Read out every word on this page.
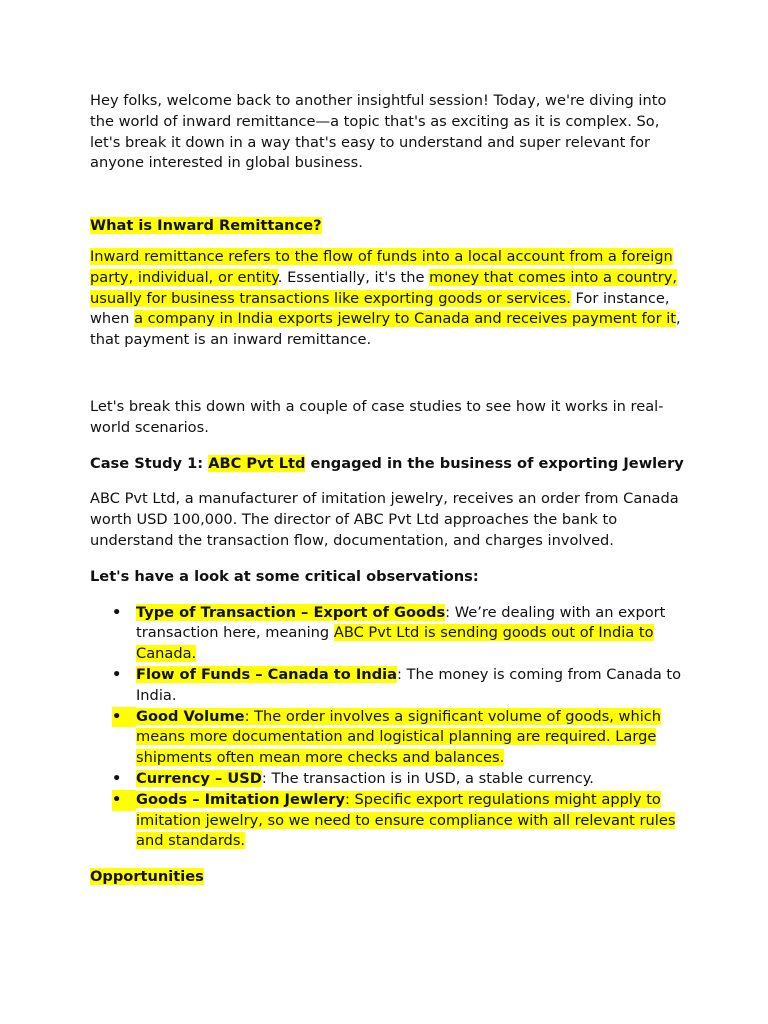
Hey folks, welcome back to another insightful session! Today, we're diving into the world of inward remittance—a topic that's as exciting as it is complex. So, let's break it down in a way that's easy to understand and super relevant for anyone interested in global business.

What is Inward Remittance?

Inward remittance refers to the flow of funds into a local account from a foreign party, individual, or entity. Essentially, it's the money that comes into a country, usually for business transactions like exporting goods or services. For instance, when a company in India exports jewelry to Canada and receives payment for it, that payment is an inward remittance.

Let's break this down with a couple of case studies to see how it works in real-world scenarios.

Case Study 1: ABC Pvt Ltd engaged in the business of exporting Jewlery

ABC Pvt Ltd, a manufacturer of imitation jewelry, receives an order from Canada worth USD 100,000. The director of ABC Pvt Ltd approaches the bank to understand the transaction flow, documentation, and charges involved.

Let's have a look at some critical observations:

• Type of Transaction – Export of Goods: We’re dealing with an export transaction here, meaning ABC Pvt Ltd is sending goods out of India to Canada.
• Flow of Funds – Canada to India: The money is coming from Canada to India.
•	Good Volume: The order involves a significant volume of goods, which means more documentation and logistical planning are required. Large shipments often mean more checks and balances.
• Currency – USD: The transaction is in USD, a stable currency.
•	Goods – Imitation Jewlery: Specific export regulations might apply to imitation jewelry, so we need to ensure compliance with all relevant rules and standards.

Opportunities
